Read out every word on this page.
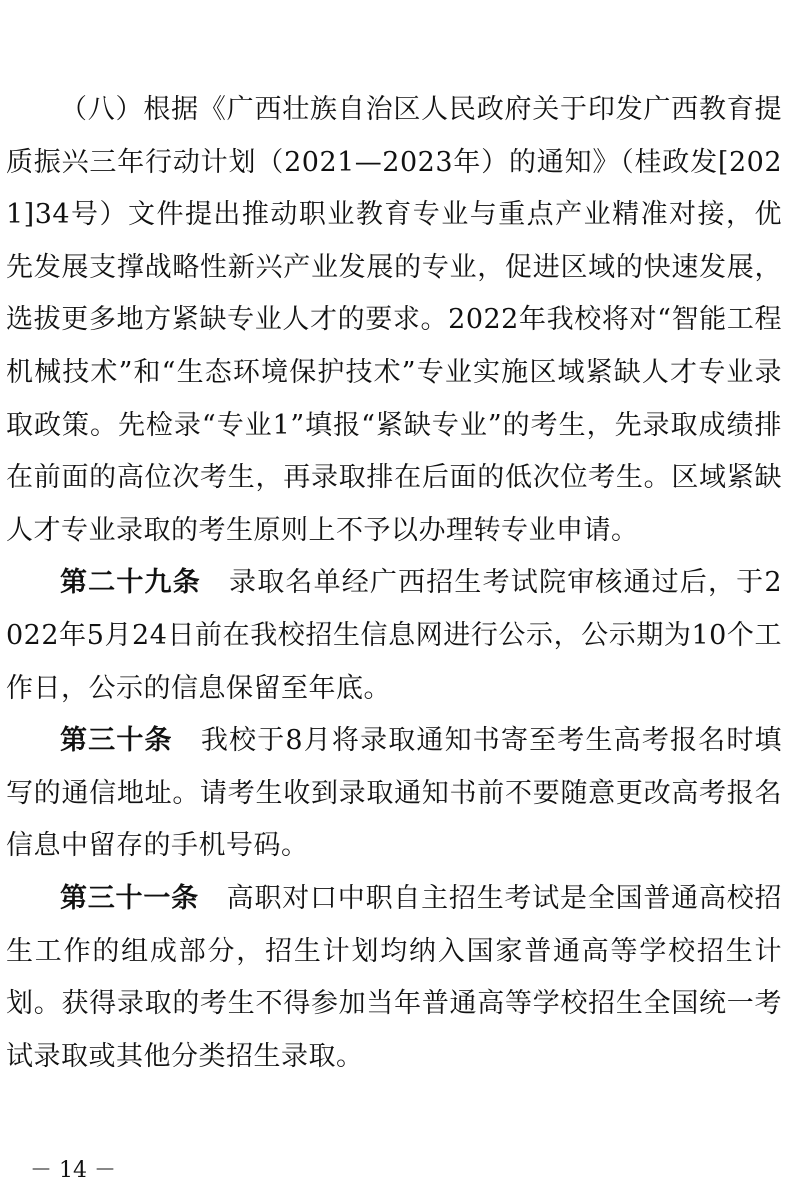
（八）根据《广西壮族自治区人民政府关于印发广西教育提质振兴三年行动计划（2021—2023年）的通知》（桂政发[2021]34号）文件提出推动职业教育专业与重点产业精准对接，优先发展支撑战略性新兴产业发展的专业，促进区域的快速发展，选拔更多地方紧缺专业人才的要求。2022年我校将对“智能工程机械技术”和“生态环境保护技术”专业实施区域紧缺人才专业录取政策。先检录“专业1”填报“紧缺专业”的考生，先录取成绩排在前面的高位次考生，再录取排在后面的低次位考生。区域紧缺人才专业录取的考生原则上不予以办理转专业申请。

第二十九条　录取名单经广西招生考试院审核通过后，于2022年5月24日前在我校招生信息网进行公示，公示期为10个工作日，公示的信息保留至年底。

第三十条　我校于8月将录取通知书寄至考生高考报名时填写的通信地址。请考生收到录取通知书前不要随意更改高考报名信息中留存的手机号码。

第三十一条　高职对口中职自主招生考试是全国普通高校招生工作的组成部分，招生计划均纳入国家普通高等学校招生计划。获得录取的考生不得参加当年普通高等学校招生全国统一考试录取或其他分类招生录取。

－ 14 －
